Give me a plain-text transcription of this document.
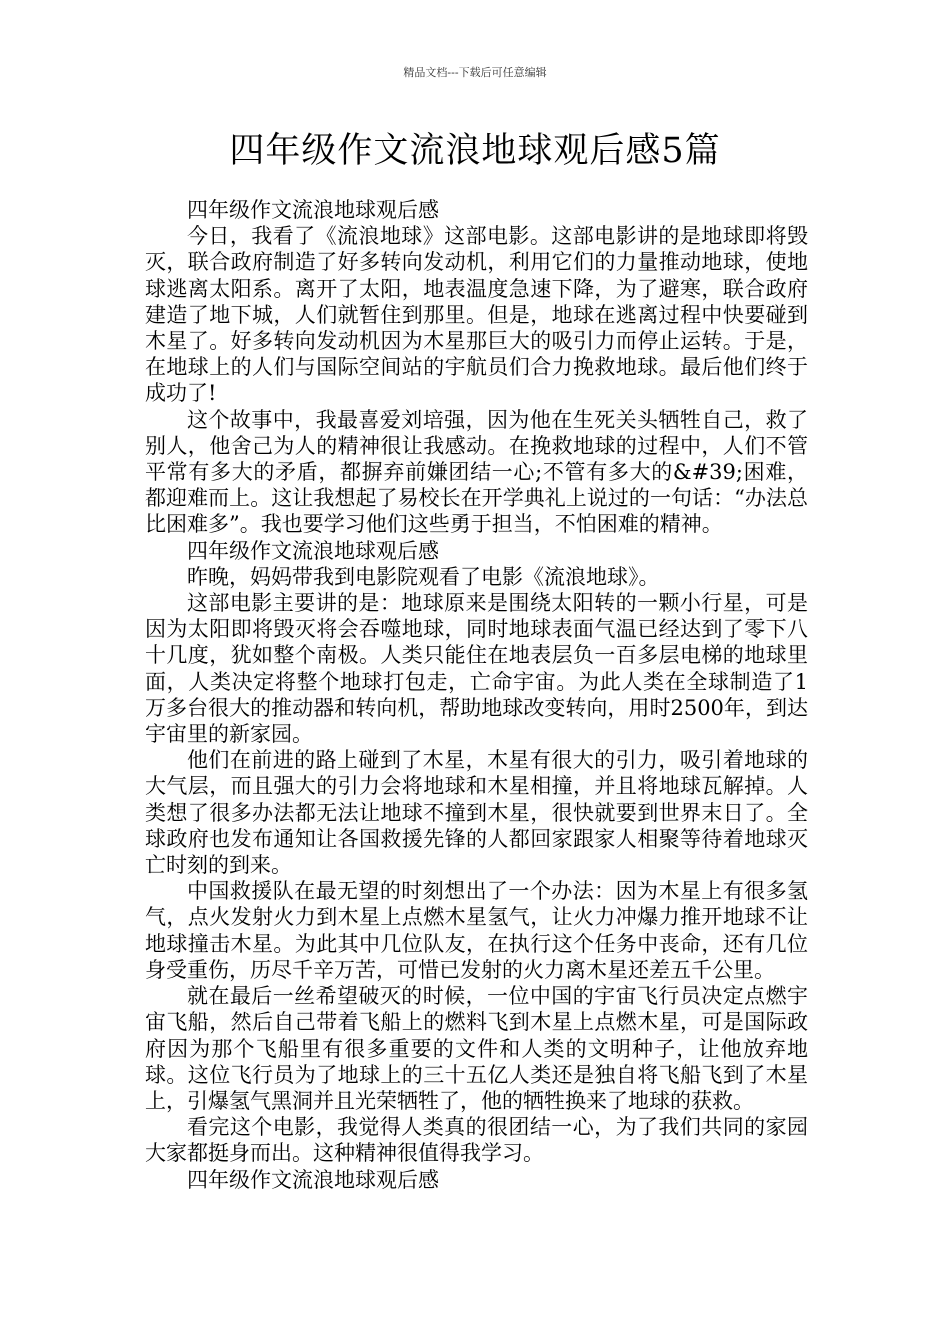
精品文档---下载后可任意编辑
四年级作文流浪地球观后感5篇

四年级作文流浪地球观后感

今日，我看了《流浪地球》这部电影。这部电影讲的是地球即将毁灭，联合政府制造了好多转向发动机，利用它们的力量推动地球，使地球逃离太阳系。离开了太阳，地表温度急速下降，为了避寒，联合政府建造了地下城，人们就暂住到那里。但是，地球在逃离过程中快要碰到木星了。好多转向发动机因为木星那巨大的吸引力而停止运转。于是，在地球上的人们与国际空间站的宇航员们合力挽救地球。最后他们终于成功了!

这个故事中，我最喜爱刘培强，因为他在生死关头牺牲自己，救了别人，他舍己为人的精神很让我感动。在挽救地球的过程中，人们不管平常有多大的矛盾，都摒弃前嫌团结一心;不管有多大的&#39;困难，都迎难而上。这让我想起了易校长在开学典礼上说过的一句话：“办法总比困难多”。我也要学习他们这些勇于担当，不怕困难的精神。

四年级作文流浪地球观后感

昨晚，妈妈带我到电影院观看了电影《流浪地球》。

这部电影主要讲的是：地球原来是围绕太阳转的一颗小行星，可是因为太阳即将毁灭将会吞噬地球，同时地球表面气温已经达到了零下八十几度，犹如整个南极。人类只能住在地表层负一百多层电梯的地球里面，人类决定将整个地球打包走，亡命宇宙。为此人类在全球制造了1万多台很大的推动器和转向机，帮助地球改变转向，用时2500年，到达宇宙里的新家园。

他们在前进的路上碰到了木星，木星有很大的引力，吸引着地球的大气层，而且强大的引力会将地球和木星相撞，并且将地球瓦解掉。人类想了很多办法都无法让地球不撞到木星，很快就要到世界末日了。全球政府也发布通知让各国救援先锋的人都回家跟家人相聚等待着地球灭亡时刻的到来。

中国救援队在最无望的时刻想出了一个办法：因为木星上有很多氢气，点火发射火力到木星上点燃木星氢气，让火力冲爆力推开地球不让地球撞击木星。为此其中几位队友，在执行这个任务中丧命，还有几位身受重伤，历尽千辛万苦，可惜已发射的火力离木星还差五千公里。

就在最后一丝希望破灭的时候，一位中国的宇宙飞行员决定点燃宇宙飞船，然后自己带着飞船上的燃料飞到木星上点燃木星，可是国际政府因为那个飞船里有很多重要的文件和人类的文明种子，让他放弃地球。这位飞行员为了地球上的三十五亿人类还是独自将飞船飞到了木星上，引爆氢气黑洞并且光荣牺牲了，他的牺牲换来了地球的获救。

看完这个电影，我觉得人类真的很团结一心，为了我们共同的家园大家都挺身而出。这种精神很值得我学习。

四年级作文流浪地球观后感
